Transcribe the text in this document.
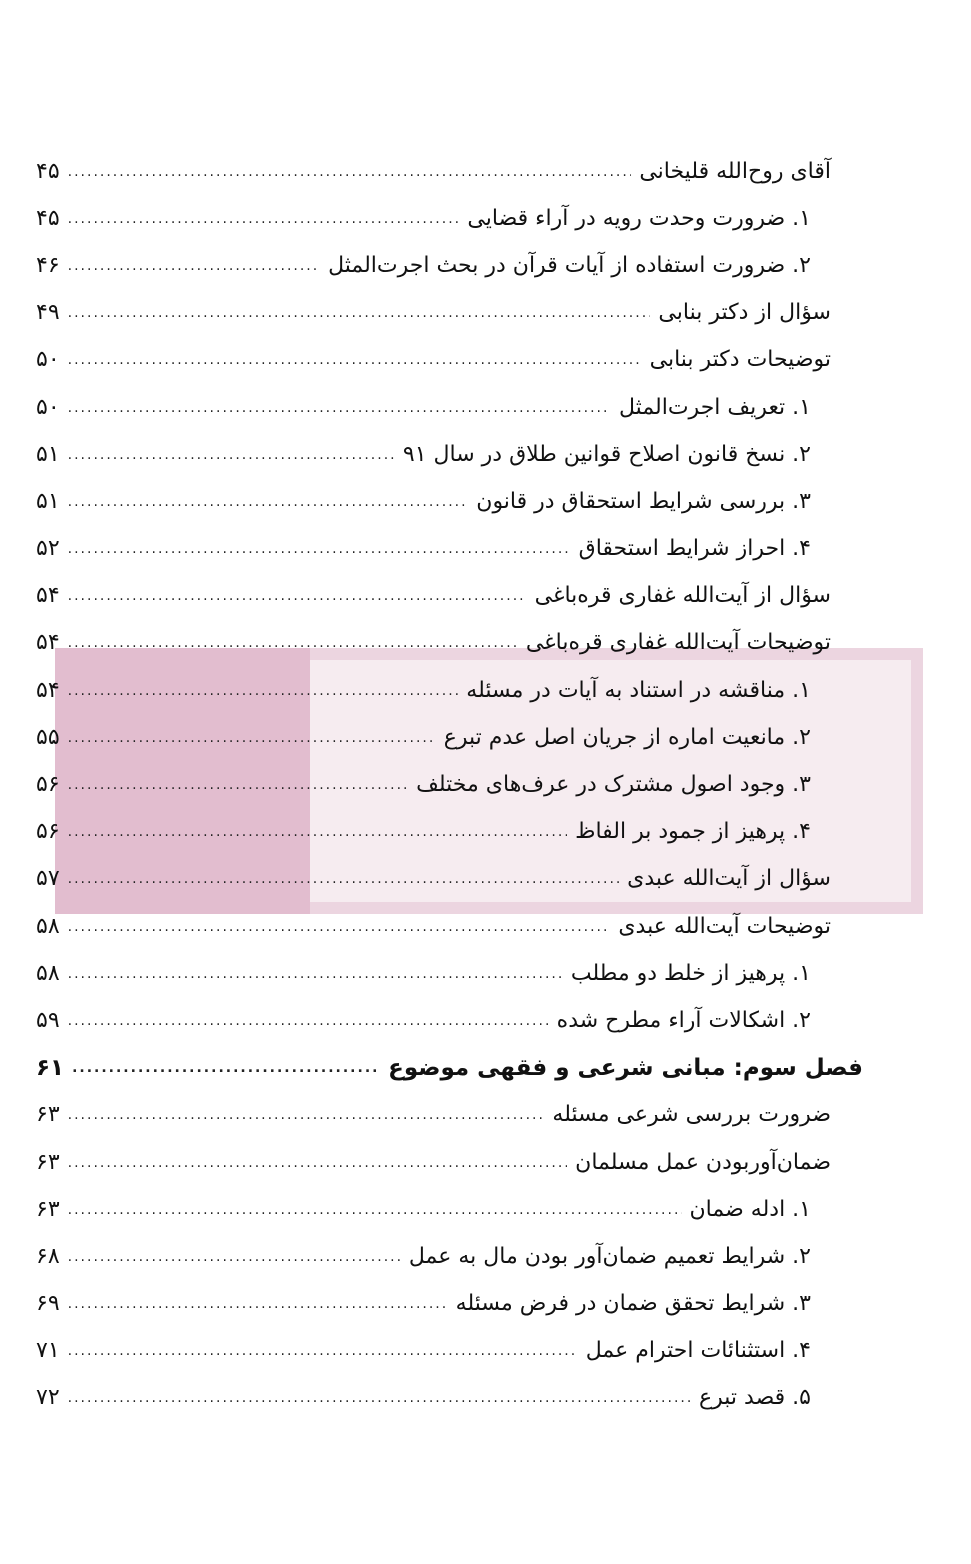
آقای روح‌الله قلیخانی
.....
۴۵
۱. ضرورت وحدت رویه در آراء قضایی
.....
۴۵
۲. ضرورت استفاده از آیات قرآن در بحث اجرت‌المثل
.....
۴۶
سؤال از دکتر بنابی
.....
۴۹
توضیحات دکتر بنابی
.....
۵۰
۱. تعریف اجرت‌المثل
.....
۵۰
۲. نسخ قانون اصلاح قوانین طلاق در سال ۹۱
.....
۵۱
۳. بررسی شرایط استحقاق در قانون
.....
۵۱
۴. احراز شرایط استحقاق
.....
۵۲
سؤال از آیت‌الله غفاری قره‌باغی
.....
۵۴
توضیحات آیت‌الله غفاری قره‌باغی
.....
۵۴
۱. مناقشه در استناد به آیات در مسئله
.....
۵۴
۲. مانعیت اماره از جریان اصل عدم تبرع
.....
۵۵
۳. وجود اصول مشترک در عرف‌های مختلف
.....
۵۶
۴. پرهیز از جمود بر الفاظ
.....
۵۶
سؤال از آیت‌الله عبدی
.....
۵۷
توضیحات آیت‌الله عبدی
.....
۵۸
۱. پرهیز از خلط دو مطلب
.....
۵۸
۲. اشکالات آراء مطرح شده
.....
۵۹
فصل سوم: مبانی شرعی و فقهی موضوع
.....
۶۱
ضرورت بررسی شرعی مسئله
.....
۶۳
ضمان‌آوربودن عمل مسلمان
.....
۶۳
۱. ادله ضمان
.....
۶۳
۲. شرایط تعمیم ضمان‌آور بودن مال به عمل
.....
۶۸
۳. شرایط تحقق ضمان در فرض مسئله
.....
۶۹
۴. استثنائات احترام عمل
.....
۷۱
۵. قصد تبرع
.....
۷۲
